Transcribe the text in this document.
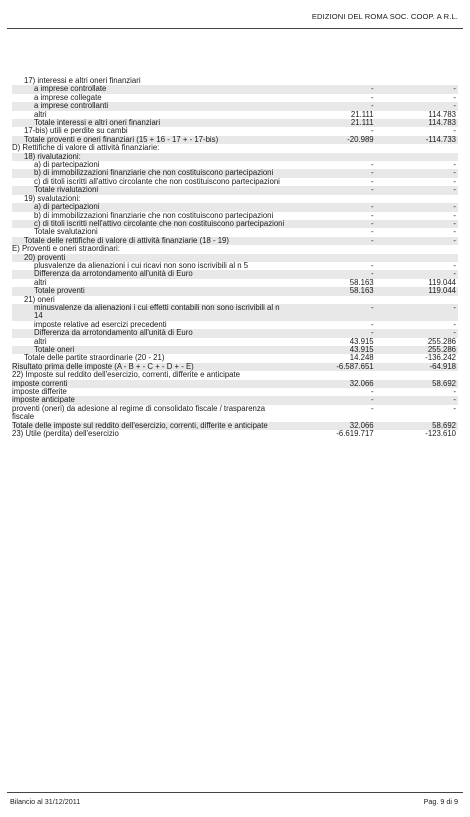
EDIZIONI DEL ROMA SOC. COOP. A R.L.
17) interessi e altri oneri finanziari		

a imprese controllate	-	-

a imprese collegate	-	-

a imprese controllanti	-	-

altri	21.111	114.783

Totale interessi e altri oneri finanziari	21.111	114.783

17-bis) utili e perdite su cambi	-	-

Totale proventi e oneri finanziari (15 + 16 - 17 + - 17-bis)	-20.989	-114.733

D) Rettifiche di valore di attività finanziarie:		

18) rivalutazioni:		

a) di partecipazioni	-	-

b) di immobilizzazioni finanziarie che non costituiscono partecipazioni	-	-

c) di titoli iscritti all'attivo circolante che non costituiscono partecipazioni	-	-

Totale rivalutazioni	-	-

19) svalutazioni:		

a) di partecipazioni	-	-

b) di immobilizzazioni finanziarie che non costituiscono partecipazioni	-	-

c) di titoli iscritti nell'attivo circolante che non costituiscono partecipazioni	-	-

Totale svalutazioni	-	-

Totale delle rettifiche di valore di attività finanziarie (18 - 19)	-	-

E) Proventi e oneri straordinari:		

20) proventi		

plusvalenze da alienazioni i cui ricavi non sono iscrivibili al n 5	-	-

Differenza da arrotondamento all'unità di Euro	-	-

altri	58.163	119.044

Totale proventi	58.163	119.044

21) oneri		

minusvalenze da alienazioni i cui effetti contabili non sono iscrivibili al n 14	-	-

imposte relative ad esercizi precedenti	-	-

Differenza da arrotondamento all'unità di Euro	-	-

altri	43.915	255.286

Totale oneri	43.915	255.286

Totale delle partite straordinarie (20 - 21)	14.248	-136.242

Risultato prima delle imposte (A - B + - C + - D + - E)	-6.587.651	-64.918

22) Imposte sul reddito dell'esercizio, correnti, differite e anticipate		

imposte correnti	32.066	58.692

imposte differite	-	-

imposte anticipate	-	-

proventi (oneri) da adesione al regime di consolidato fiscale / trasparenza fiscale	-	-

Totale delle imposte sul reddito dell'esercizio, correnti, differite e anticipate	32.066	58.692

23) Utile (perdita) dell'esercizio	-6.619.717	-123.610
Bilancio al 31/12/2011	Pag. 9 di 9
